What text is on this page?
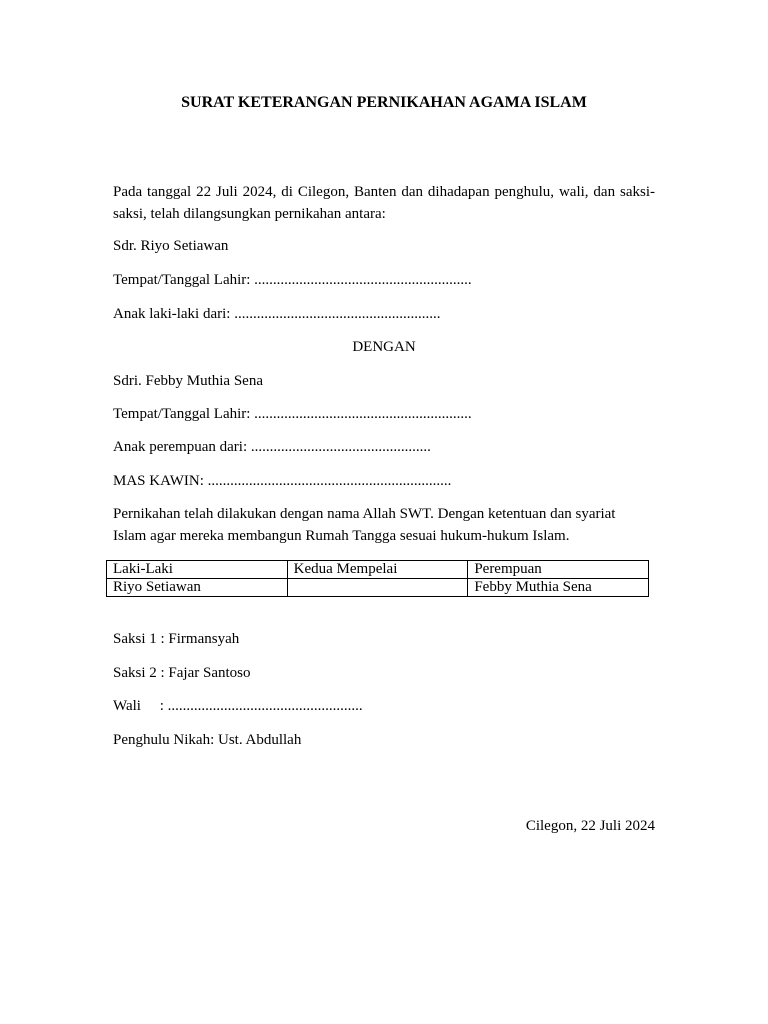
SURAT KETERANGAN PERNIKAHAN AGAMA ISLAM
Pada tanggal 22 Juli 2024, di Cilegon, Banten dan dihadapan penghulu, wali, dan saksi-saksi, telah dilangsungkan pernikahan antara:
Sdr. Riyo Setiawan
Tempat/Tanggal Lahir: ..........................................................
Anak laki-laki dari: .......................................................
DENGAN
Sdri. Febby Muthia Sena
Tempat/Tanggal Lahir: ..........................................................
Anak perempuan dari: ................................................
MAS KAWIN: .................................................................
Pernikahan telah dilakukan dengan nama Allah SWT. Dengan ketentuan dan syariat Islam agar mereka membangun Rumah Tangga sesuai hukum-hukum Islam.
Laki-Laki	Kedua Mempelai	Perempuan
Riyo Setiawan		Febby Muthia Sena
Saksi 1 : Firmansyah
Saksi 2 : Fajar Santoso
Wali     : ....................................................
Penghulu Nikah: Ust. Abdullah
Cilegon, 22 Juli 2024
